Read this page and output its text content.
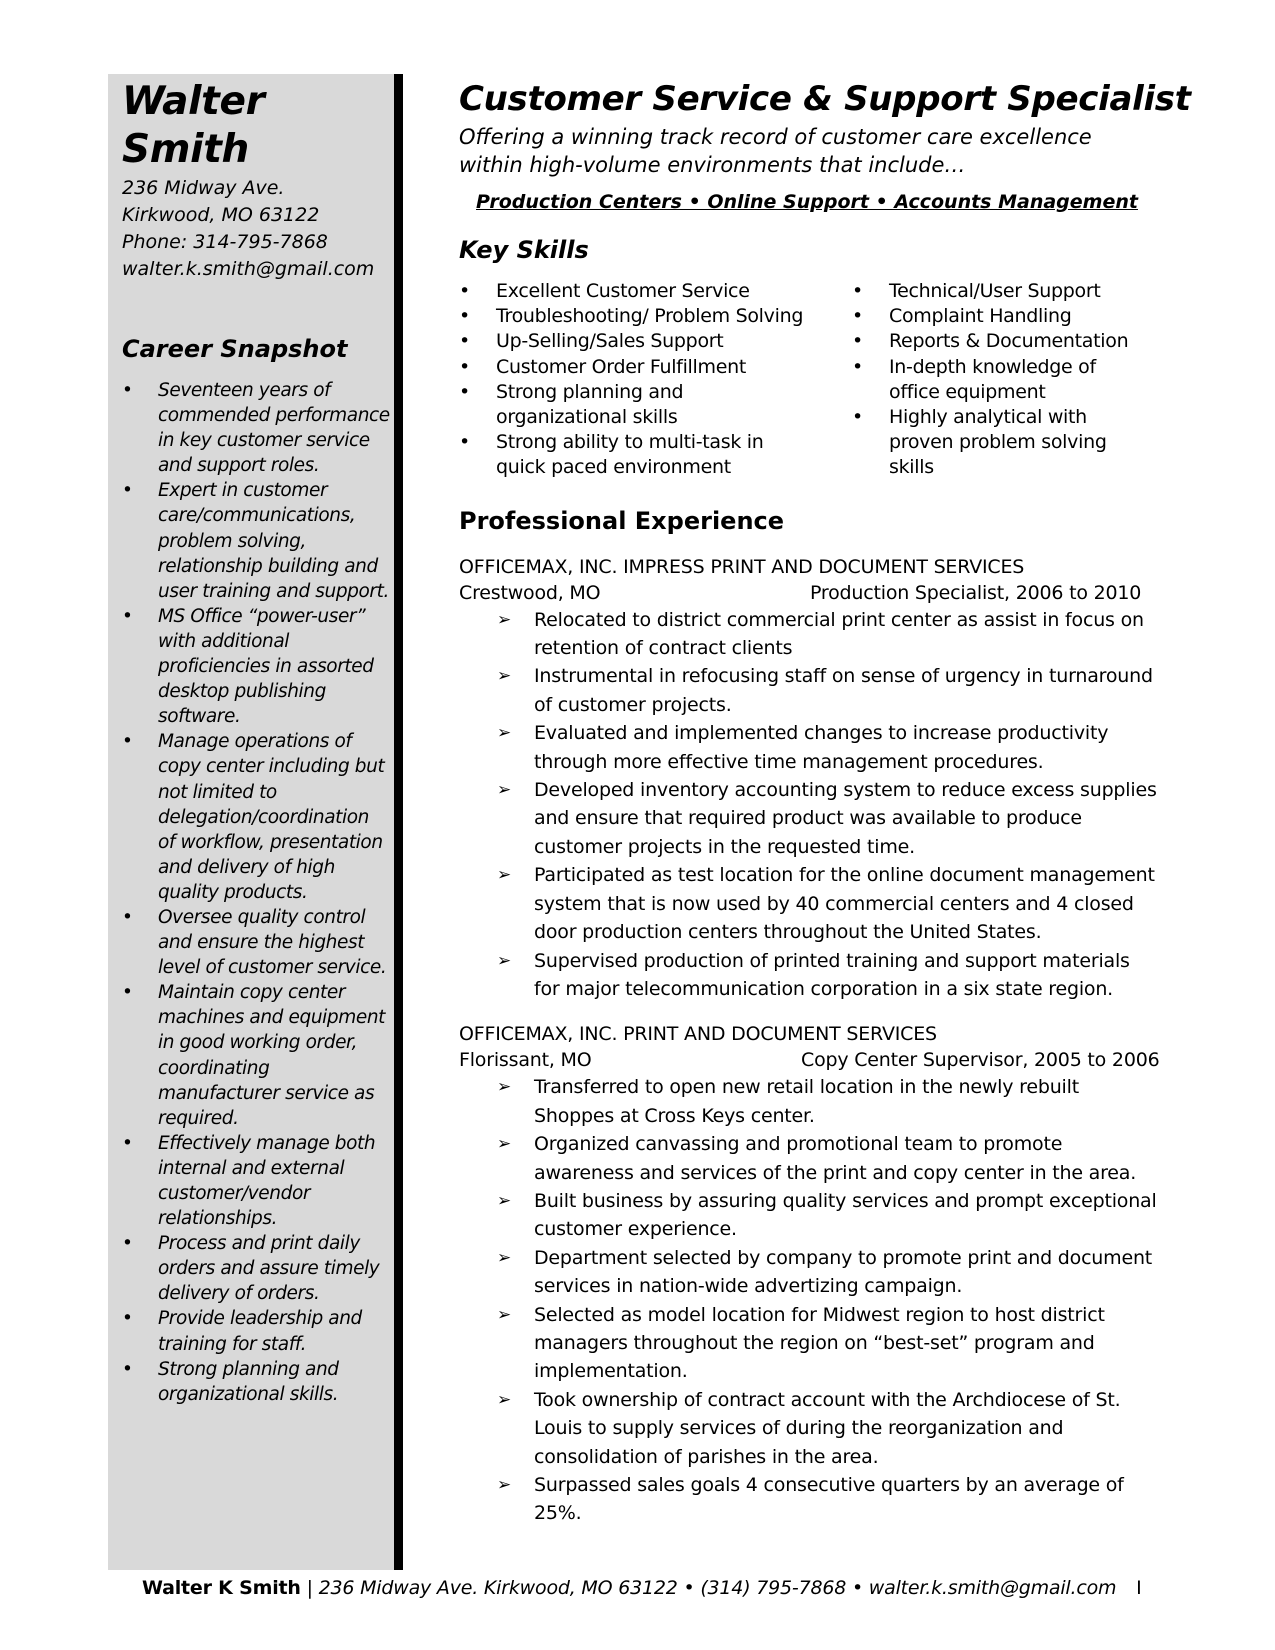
Walter Smith
236 Midway Ave.
Kirkwood, MO 63122
Phone: 314-795-7868
walter.k.smith@gmail.com
Career Snapshot
• Seventeen years of commended performance in key customer service and support roles.
• Expert in customer care/communications, problem solving, relationship building and user training and support.
• MS Office “power-user” with additional proficiencies in assorted desktop publishing software.
• Manage operations of copy center including but not limited to delegation/coordination of workflow, presentation and delivery of high quality products.
• Oversee quality control and ensure the highest level of customer service.
• Maintain copy center machines and equipment in good working order, coordinating manufacturer service as required.
• Effectively manage both internal and external customer/vendor relationships.
• Process and print daily orders and assure timely delivery of orders.
• Provide leadership and training for staff.
• Strong planning and organizational skills.
Customer Service & Support Specialist
Offering a winning track record of customer care excellence within high-volume environments that include…
Production Centers • Online Support • Accounts Management
Key Skills
• Excellent Customer Service
• Troubleshooting/ Problem Solving
• Up-Selling/Sales Support
• Customer Order Fulfillment
• Strong planning and organizational skills
• Strong ability to multi-task in quick paced environment
• Technical/User Support
• Complaint Handling
• Reports & Documentation
• In-depth knowledge of office equipment
• Highly analytical with proven problem solving skills
Professional Experience
OFFICEMAX, INC. IMPRESS PRINT AND DOCUMENT SERVICES
Crestwood, MO	Production Specialist, 2006 to 2010
➢ Relocated to district commercial print center as assist in focus on retention of contract clients
➢ Instrumental in refocusing staff on sense of urgency in turnaround of customer projects.
➢ Evaluated and implemented changes to increase productivity through more effective time management procedures.
➢ Developed inventory accounting system to reduce excess supplies and ensure that required product was available to produce customer projects in the requested time.
➢ Participated as test location for the online document management system that is now used by 40 commercial centers and 4 closed door production centers throughout the United States.
➢ Supervised production of printed training and support materials for major telecommunication corporation in a six state region.
OFFICEMAX, INC. PRINT AND DOCUMENT SERVICES
Florissant, MO	Copy Center Supervisor, 2005 to 2006
➢ Transferred to open new retail location in the newly rebuilt Shoppes at Cross Keys center.
➢ Organized canvassing and promotional team to promote awareness and services of the print and copy center in the area.
➢ Built business by assuring quality services and prompt exceptional customer experience.
➢ Department selected by company to promote print and document services in nation-wide advertizing campaign.
➢ Selected as model location for Midwest region to host district managers throughout the region on “best-set” program and implementation.
➢ Took ownership of contract account with the Archdiocese of St. Louis to supply services of during the reorganization and consolidation of parishes in the area.
➢ Surpassed sales goals 4 consecutive quarters by an average of 25%.
Walter K Smith | 236 Midway Ave. Kirkwood, MO 63122 • (314) 795-7868 • walter.k.smith@gmail.com I
